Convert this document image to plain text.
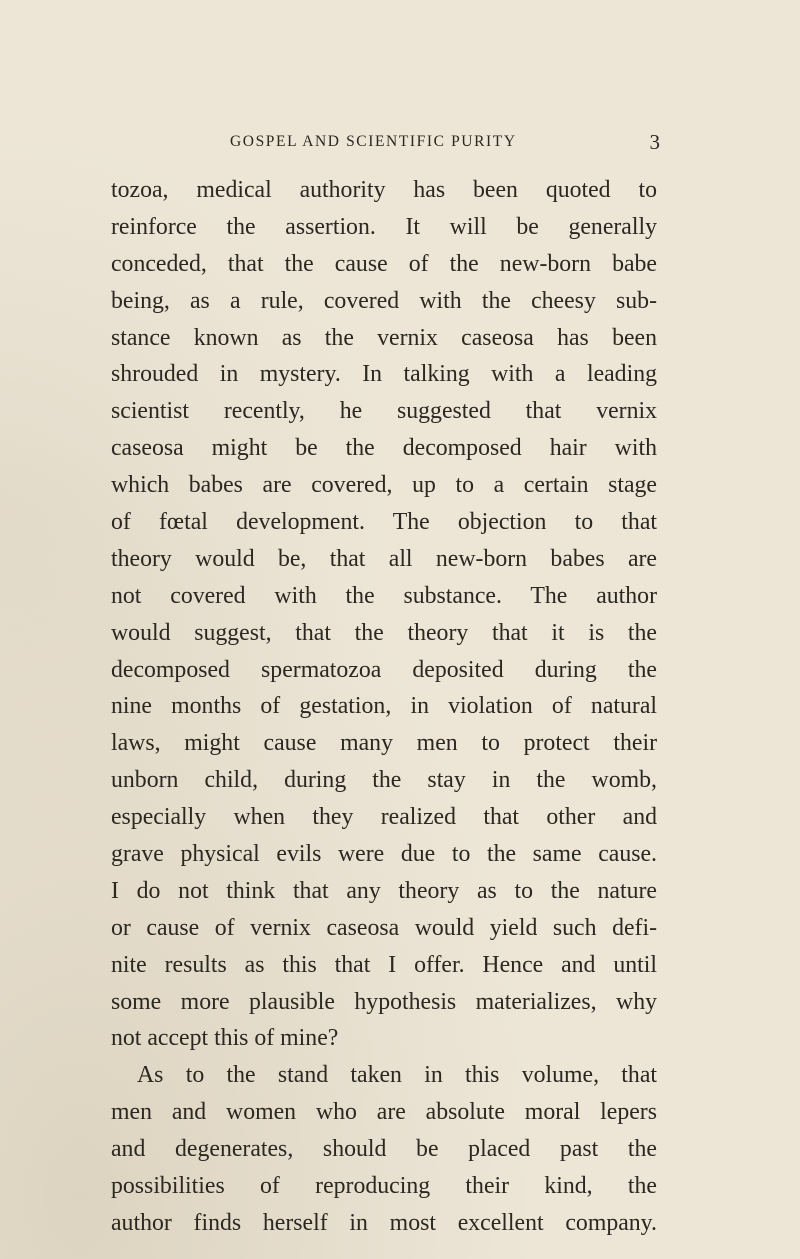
GOSPEL AND SCIENTIFIC PURITY	3
tozoa, medical authority has been quoted to
reinforce the assertion. It will be generally
conceded, that the cause of the new-born babe
being, as a rule, covered with the cheesy sub-
stance known as the vernix caseosa has been
shrouded in mystery. In talking with a leading
scientist recently, he suggested that vernix
caseosa might be the decomposed hair with
which babes are covered, up to a certain stage
of fœtal development. The objection to that
theory would be, that all new-born babes are
not covered with the substance. The author
would suggest, that the theory that it is the
decomposed spermatozoa deposited during the
nine months of gestation, in violation of natural
laws, might cause many men to protect their
unborn child, during the stay in the womb,
especially when they realized that other and
grave physical evils were due to the same cause.
I do not think that any theory as to the nature
or cause of vernix caseosa would yield such defi-
nite results as this that I offer. Hence and until
some more plausible hypothesis materializes, why
not accept this of mine?
As to the stand taken in this volume, that
men and women who are absolute moral lepers
and degenerates, should be placed past the
possibilities of reproducing their kind, the
author finds herself in most excellent company.
